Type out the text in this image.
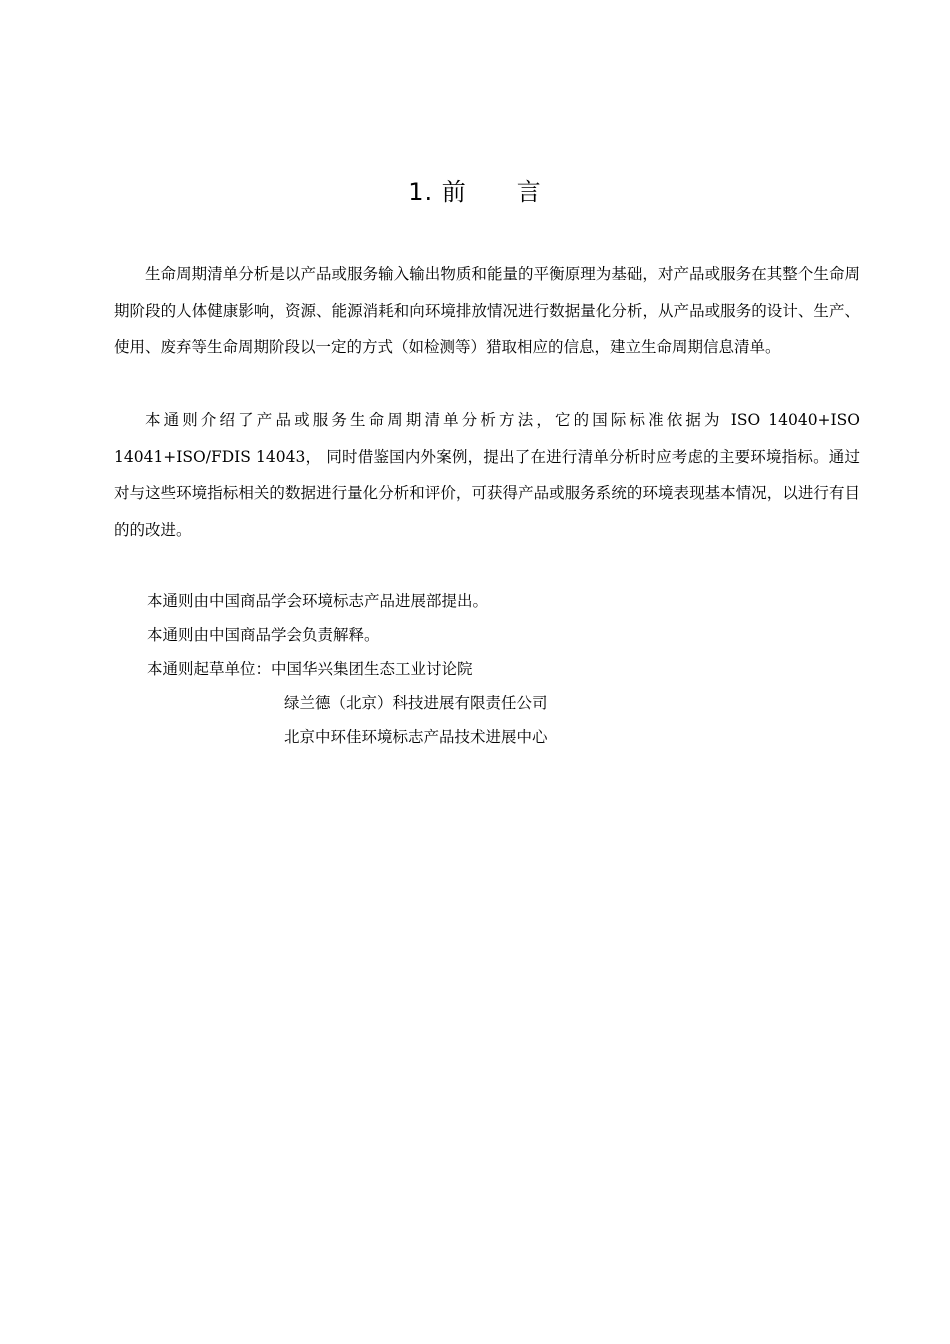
1. 前　　言

生命周期清单分析是以产品或服务输入输出物质和能量的平衡原理为基础，对产品或服务在其整个生命周期阶段的人体健康影响，资源、能源消耗和向环境排放情况进行数据量化分析，从产品或服务的设计、生产、使用、废弃等生命周期阶段以一定的方式（如检测等）猎取相应的信息，建立生命周期信息清单。

本通则介绍了产品或服务生命周期清单分析方法，它的国际标准依据为 ISO 14040+ISO 14041+ISO/FDIS 14043， 同时借鉴国内外案例，提出了在进行清单分析时应考虑的主要环境指标。通过对与这些环境指标相关的数据进行量化分析和评价，可获得产品或服务系统的环境表现基本情况，以进行有目的的改进。

本通则由中国商品学会环境标志产品进展部提出。

本通则由中国商品学会负责解释。

本通则起草单位： 中国华兴集团生态工业讨论院
绿兰德（北京）科技进展有限责任公司
北京中环佳环境标志产品技术进展中心
